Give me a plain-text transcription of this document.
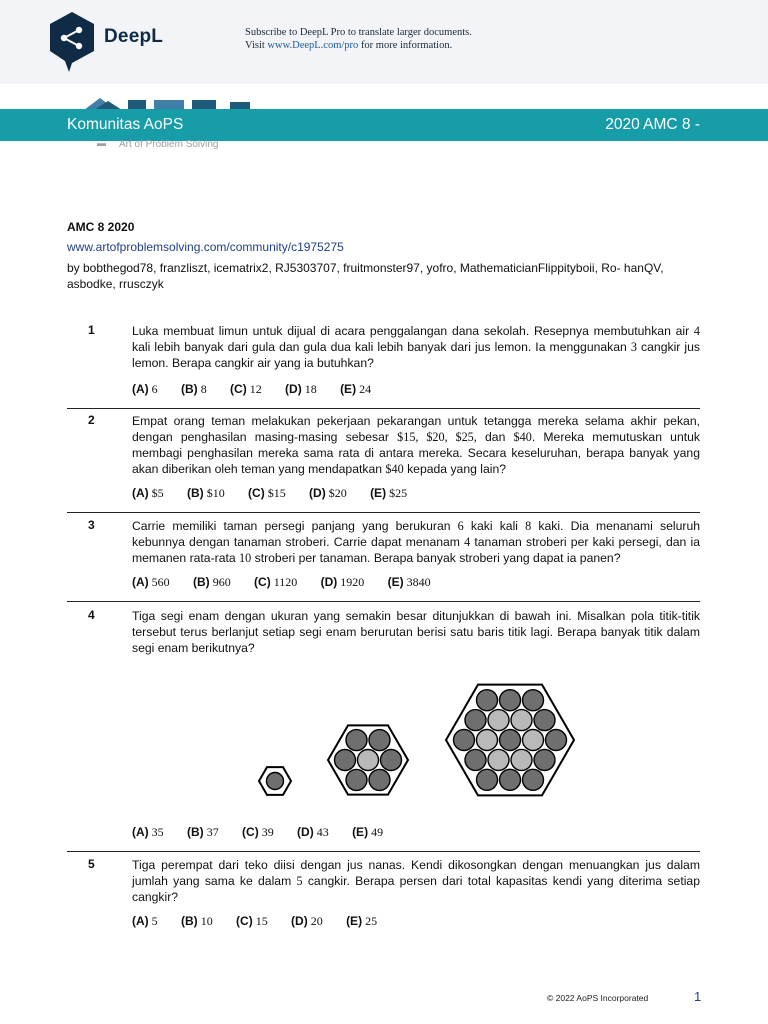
DeepL	Subscribe to DeepL Pro to translate larger documents.
Visit www.DeepL.com/pro for more information.
Komunitas AoPS	2020 AMC 8 -
▬ Art of Problem Solving
AMC 8 2020
www.artofproblemsolving.com/community/c1975275
by bobthegod78, franzliszt, icematrix2, RJ5303707, fruitmonster97, yofro, MathematicianFlippityboii, Ro- hanQV, asbodke, rrusczyk
1	Luka membuat limun untuk dijual di acara penggalangan dana sekolah. Resepnya membutuhkan air 4 kali lebih banyak dari gula dan gula dua kali lebih banyak dari jus lemon. Ia menggunakan 3 cangkir jus lemon. Berapa cangkir air yang ia butuhkan?
(A) 6 (B) 8 (C) 12 (D) 18 (E) 24
2	Empat orang teman melakukan pekerjaan pekarangan untuk tetangga mereka selama akhir pekan, dengan penghasilan masing-masing sebesar $15, $20, $25, dan $40. Mereka memutuskan untuk membagi penghasilan mereka sama rata di antara mereka. Secara keseluruhan, berapa banyak yang akan diberikan oleh teman yang mendapatkan $40 kepada yang lain?
(A) $5 (B) $10 (C) $15 (D) $20 (E) $25
3	Carrie memiliki taman persegi panjang yang berukuran 6 kaki kali 8 kaki. Dia menanami seluruh kebunnya dengan tanaman stroberi. Carrie dapat menanam 4 tanaman stroberi per kaki persegi, dan ia memanen rata-rata 10 stroberi per tanaman. Berapa banyak stroberi yang dapat ia panen?
(A) 560 (B) 960 (C) 1120 (D) 1920 (E) 3840
4	Tiga segi enam dengan ukuran yang semakin besar ditunjukkan di bawah ini. Misalkan pola titik-titik tersebut terus berlanjut setiap segi enam berurutan berisi satu baris titik lagi. Berapa banyak titik dalam segi enam berikutnya?
(A) 35 (B) 37 (C) 39 (D) 43 (E) 49
5	Tiga perempat dari teko diisi dengan jus nanas. Kendi dikosongkan dengan menuangkan jus dalam jumlah yang sama ke dalam 5 cangkir. Berapa persen dari total kapasitas kendi yang diterima setiap cangkir?
(A) 5 (B) 10 (C) 15 (D) 20 (E) 25
© 2022 AoPS Incorporated	1
